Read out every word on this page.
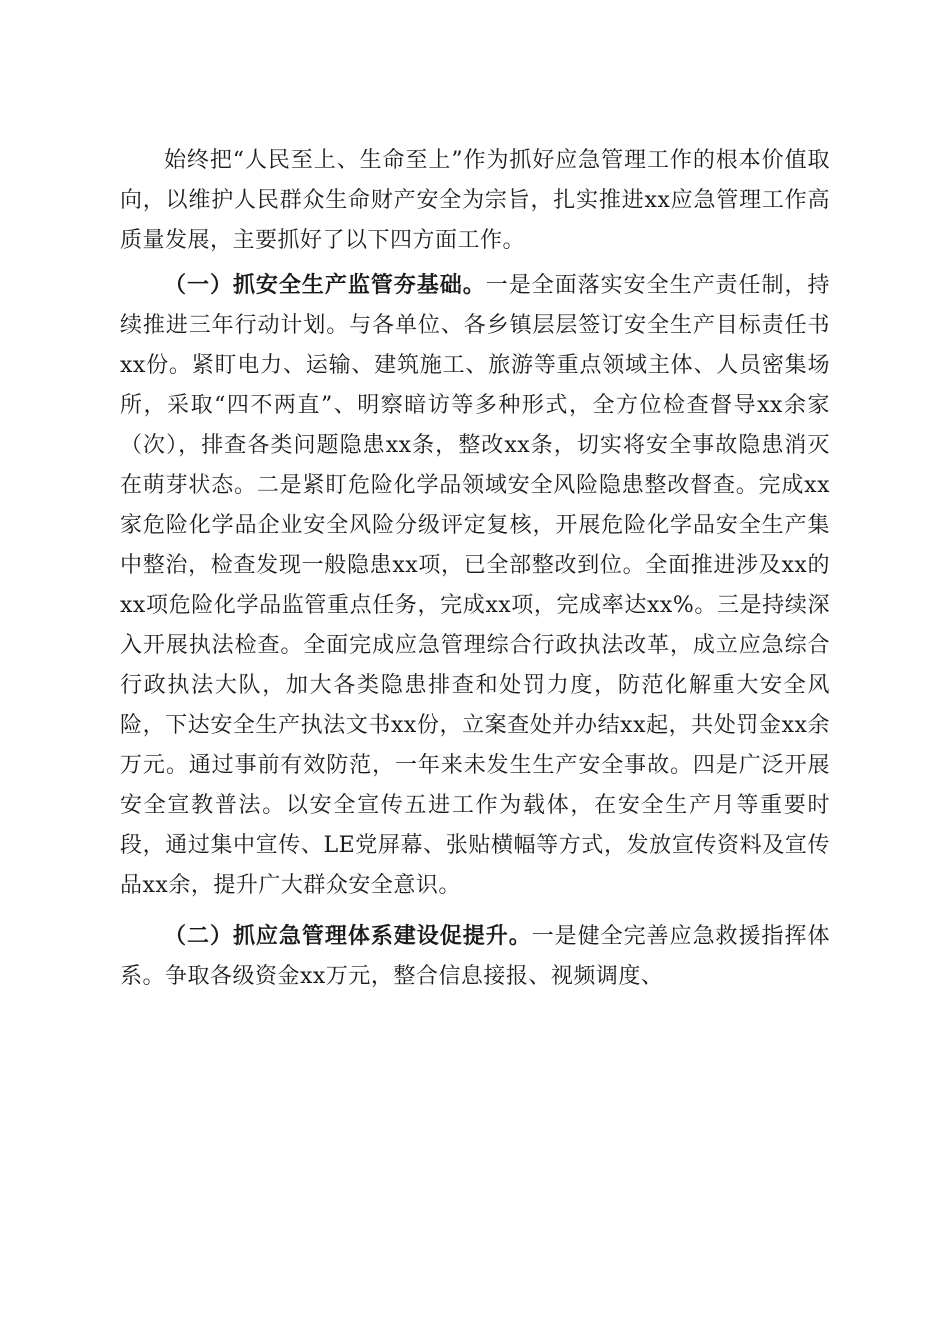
始终把“人民至上、生命至上”作为抓好应急管理工作的根本价值取向，以维护人民群众生命财产安全为宗旨，扎实推进xx应急管理工作高质量发展，主要抓好了以下四方面工作。

（一）抓安全生产监管夯基础。一是全面落实安全生产责任制，持续推进三年行动计划。与各单位、各乡镇层层签订安全生产目标责任书xx份。紧盯电力、运输、建筑施工、旅游等重点领域主体、人员密集场所，采取“四不两直”、明察暗访等多种形式，全方位检查督导xx余家（次），排查各类问题隐患xx条，整改xx条，切实将安全事故隐患消灭在萌芽状态。二是紧盯危险化学品领域安全风险隐患整改督查。完成xx家危险化学品企业安全风险分级评定复核，开展危险化学品安全生产集中整治，检查发现一般隐患xx项，已全部整改到位。全面推进涉及xx的xx项危险化学品监管重点任务，完成xx项，完成率达xx%。三是持续深入开展执法检查。全面完成应急管理综合行政执法改革，成立应急综合行政执法大队，加大各类隐患排查和处罚力度，防范化解重大安全风险，下达安全生产执法文书xx份，立案查处并办结xx起，共处罚金xx余万元。通过事前有效防范，一年来未发生生产安全事故。四是广泛开展安全宣教普法。以安全宣传五进工作为载体，在安全生产月等重要时段，通过集中宣传、LE党屏幕、张贴横幅等方式，发放宣传资料及宣传品xx余，提升广大群众安全意识。

（二）抓应急管理体系建设促提升。一是健全完善应急救援指挥体系。争取各级资金xx万元，整合信息接报、视频调度、
